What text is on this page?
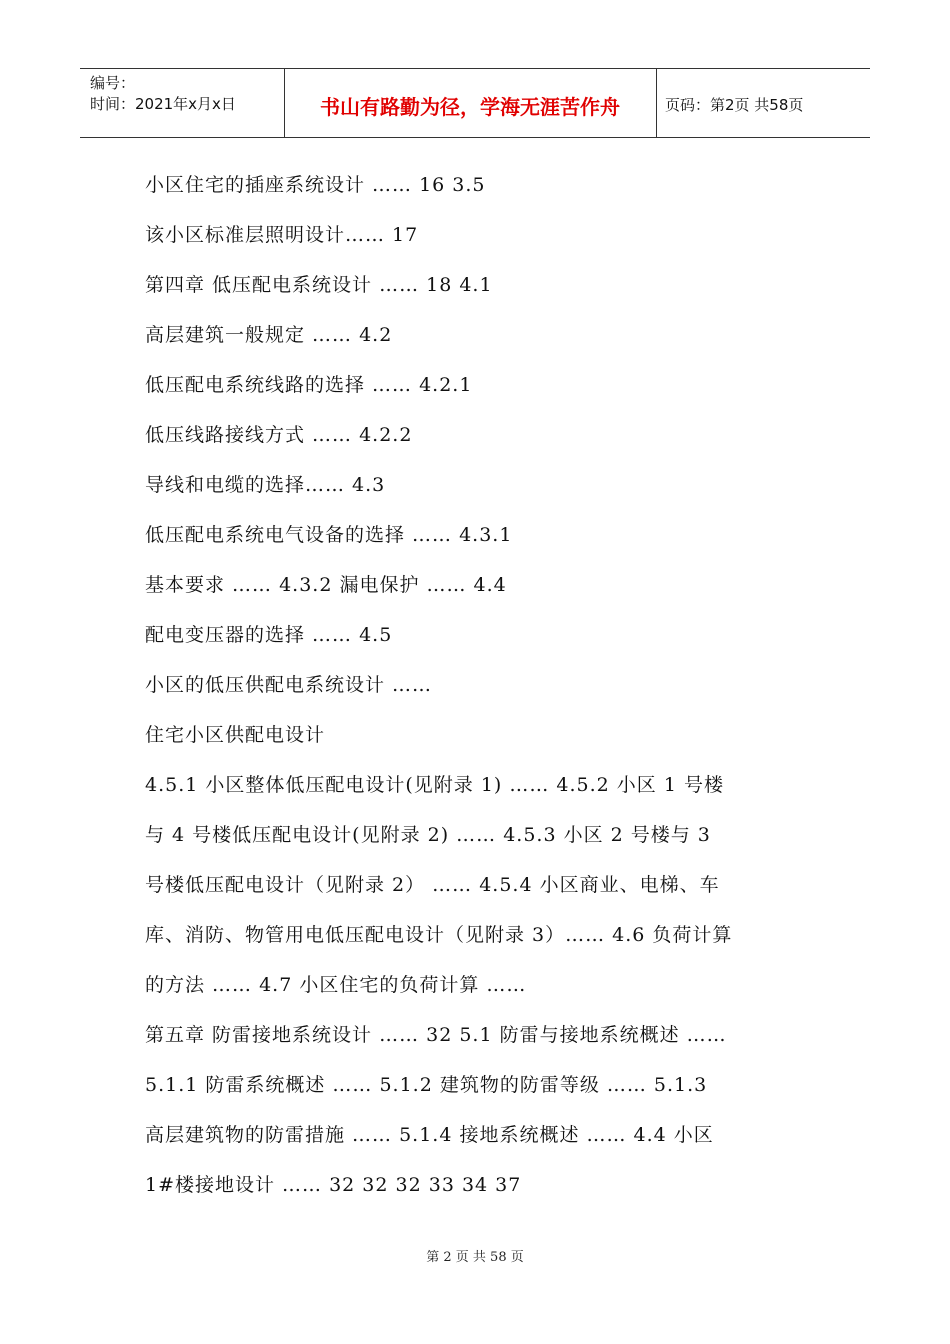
编号：
时间：2021年x月x日	书山有路勤为径，学海无涯苦作舟	页码：第2页 共58页
小区住宅的插座系统设计 …… 16 3.5
该小区标准层照明设计…… 17
第四章 低压配电系统设计 …… 18 4.1
高层建筑一般规定 …… 4.2
低压配电系统线路的选择 …… 4.2.1
低压线路接线方式 …… 4.2.2
导线和电缆的选择…… 4.3
低压配电系统电气设备的选择 …… 4.3.1
基本要求 …… 4.3.2 漏电保护 …… 4.4
配电变压器的选择 …… 4.5
小区的低压供配电系统设计 ……
住宅小区供配电设计
4.5.1 小区整体低压配电设计(见附录 1) …… 4.5.2 小区 1 号楼
与 4 号楼低压配电设计(见附录 2) …… 4.5.3 小区 2 号楼与 3
号楼低压配电设计（见附录 2） …… 4.5.4 小区商业、电梯、车
库、消防、物管用电低压配电设计（见附录 3）…… 4.6 负荷计算
的方法 …… 4.7 小区住宅的负荷计算 ……
第五章 防雷接地系统设计 …… 32 5.1 防雷与接地系统概述 ……
5.1.1 防雷系统概述 …… 5.1.2 建筑物的防雷等级 …… 5.1.3
高层建筑物的防雷措施 …… 5.1.4 接地系统概述 …… 4.4 小区
1#楼接地设计 …… 32 32 32 33 34 37
第 2 页 共 58 页
